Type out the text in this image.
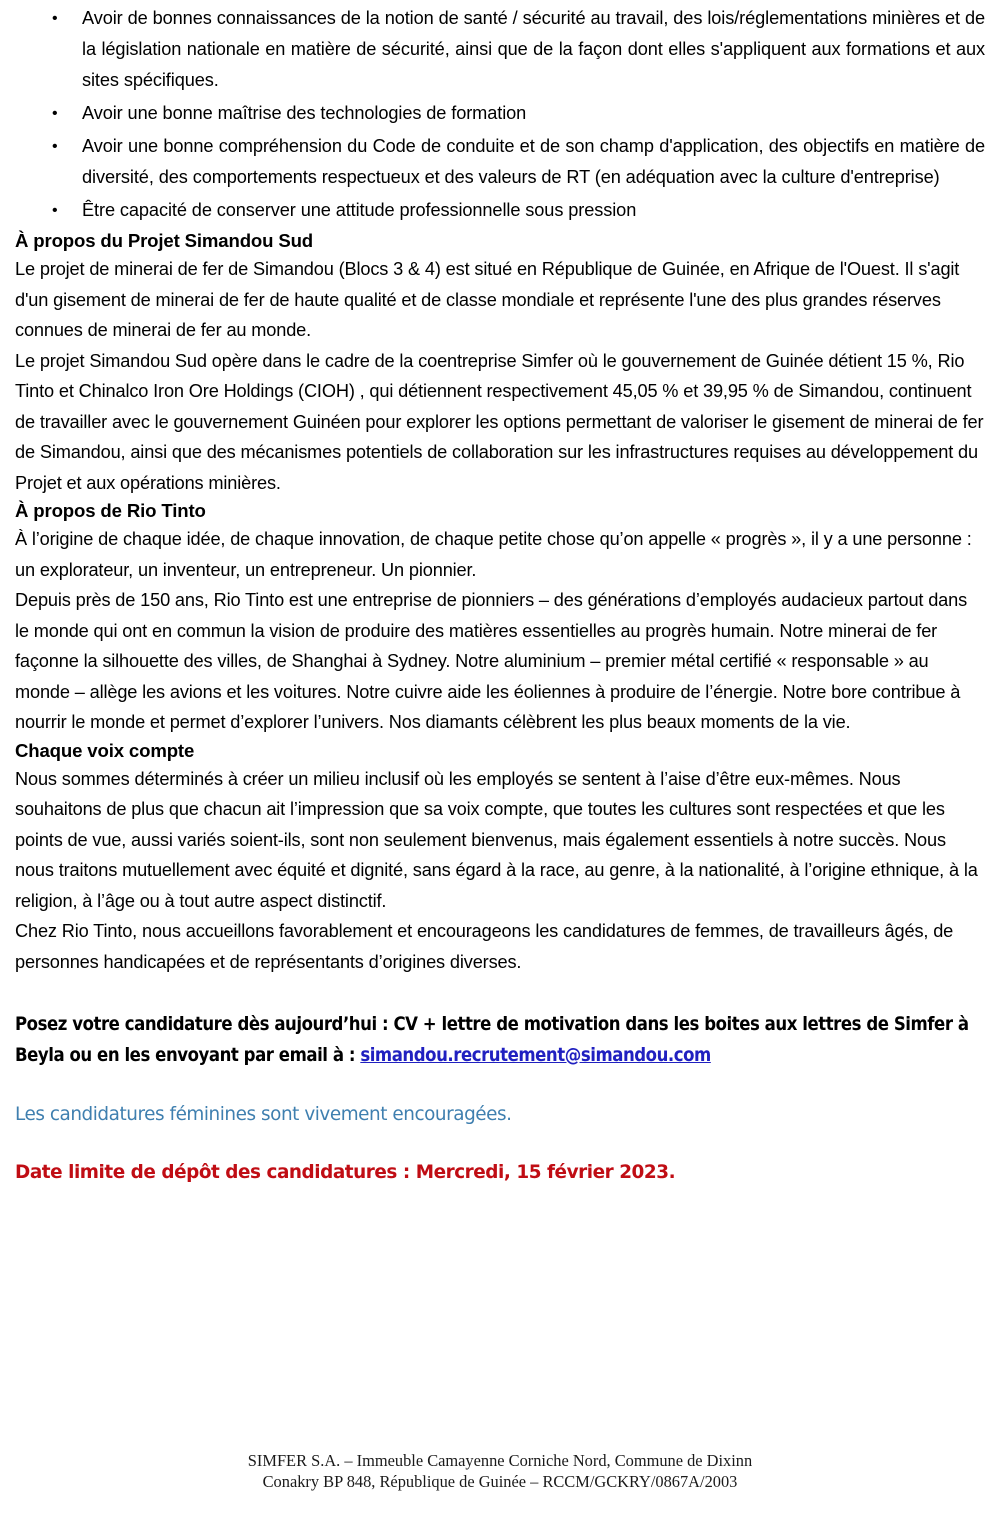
• Avoir de bonnes connaissances de la notion de santé / sécurité au travail, des lois/réglementations minières et de la législation nationale en matière de sécurité, ainsi que de la façon dont elles s'appliquent aux formations et aux sites spécifiques.
• Avoir une bonne maîtrise des technologies de formation
• Avoir une bonne compréhension du Code de conduite et de son champ d'application, des objectifs en matière de diversité, des comportements respectueux et des valeurs de RT (en adéquation avec la culture d'entreprise)
• Être capacité de conserver une attitude professionnelle sous pression
À propos du Projet Simandou Sud

Le projet de minerai de fer de Simandou (Blocs 3 & 4) est situé en République de Guinée, en Afrique de l'Ouest. Il s'agit d'un gisement de minerai de fer de haute qualité et de classe mondiale et représente l'une des plus grandes réserves connues de minerai de fer au monde.

Le projet Simandou Sud opère dans le cadre de la coentreprise Simfer où le gouvernement de Guinée détient 15 %, Rio Tinto et Chinalco Iron Ore Holdings (CIOH) , qui détiennent respectivement 45,05 % et 39,95 % de Simandou, continuent de travailler avec le gouvernement Guinéen pour explorer les options permettant de valoriser le gisement de minerai de fer de Simandou, ainsi que des mécanismes potentiels de collaboration sur les infrastructures requises au développement du Projet et aux opérations minières.

À propos de Rio Tinto

À l’origine de chaque idée, de chaque innovation, de chaque petite chose qu’on appelle « progrès », il y a une personne : un explorateur, un inventeur, un entrepreneur. Un pionnier.

Depuis près de 150 ans, Rio Tinto est une entreprise de pionniers – des générations d’employés audacieux partout dans le monde qui ont en commun la vision de produire des matières essentielles au progrès humain. Notre minerai de fer façonne la silhouette des villes, de Shanghai à Sydney. Notre aluminium – premier métal certifié « responsable » au monde – allège les avions et les voitures. Notre cuivre aide les éoliennes à produire de l’énergie. Notre bore contribue à nourrir le monde et permet d’explorer l’univers. Nos diamants célèbrent les plus beaux moments de la vie.

Chaque voix compte

Nous sommes déterminés à créer un milieu inclusif où les employés se sentent à l’aise d’être eux-mêmes. Nous souhaitons de plus que chacun ait l’impression que sa voix compte, que toutes les cultures sont respectées et que les points de vue, aussi variés soient-ils, sont non seulement bienvenus, mais également essentiels à notre succès. Nous nous traitons mutuellement avec équité et dignité, sans égard à la race, au genre, à la nationalité, à l’origine ethnique, à la religion, à l’âge ou à tout autre aspect distinctif.

Chez Rio Tinto, nous accueillons favorablement et encourageons les candidatures de femmes, de travailleurs âgés, de personnes handicapées et de représentants d’origines diverses.

Posez votre candidature dès aujourd’hui : CV + lettre de motivation dans les boites aux lettres de Simfer à Beyla ou en les envoyant par email à : simandou.recrutement@simandou.com

Les candidatures féminines sont vivement encouragées.

Date limite de dépôt des candidatures : Mercredi, 15 février 2023.

SIMFER S.A. – Immeuble Camayenne Corniche Nord, Commune de Dixinn
Conakry BP 848, République de Guinée – RCCM/GCKRY/0867A/2003
